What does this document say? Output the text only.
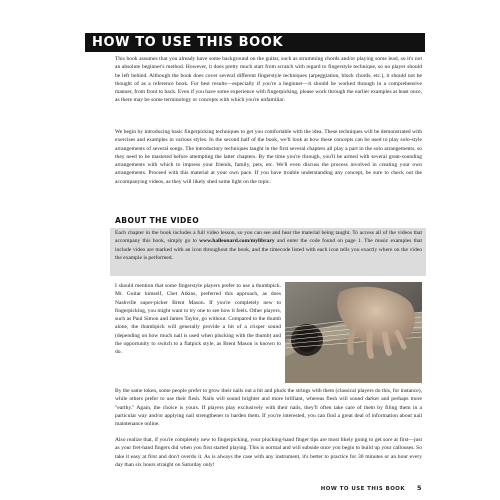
HOW TO USE THIS BOOK

This book assumes that you already have some background on the guitar, such as strumming chords and/or playing some lead, so it's not an absolute beginner's method. However, it does pretty much start from scratch with regard to fingerstyle technique, so no player should be left behind. Although the book does cover several different fingerstyle techniques (arpeggiation, block chords, etc.), it should not be thought of as a reference book. For best results—especially if you're a beginner—it should be worked through in a comprehensive manner, from front to back. Even if you have some experience with fingerpicking, please work through the earlier examples at least once, as there may be some terminology or concepts with which you're unfamiliar.

We begin by introducing basic fingerpicking techniques to get you comfortable with the idea. These techniques will be demonstrated with exercises and examples in various styles. In the second half of the book, we'll look at how these concepts can be used to play solo-style arrangements of several songs. The introductory techniques taught in the first several chapters all play a part in the solo arrangements, so they need to be mastered before attempting the latter chapters. By the time you're through, you'll be armed with several great-sounding arrangements with which to impress your friends, family, pets, etc. We'll even discuss the process involved in creating your own arrangements. Proceed with this material at your own pace. If you have trouble understanding any concept, be sure to check out the accompanying videos, as they will likely shed some light on the topic.

ABOUT THE VIDEO

Each chapter in the book includes a full video lesson, so you can see and hear the material being taught. To access all of the videos that accompany this book, simply go to www.halleonard.com/mylibrary and enter the code found on page 1. The music examples that include video are marked with an icon throughout the book, and the timecode listed with each icon tells you exactly where on the video the example is performed.

I should mention that some fingerstyle players prefer to use a thumbpick. Mr. Guitar himself, Chet Atkins, preferred this approach, as does Nashville super-picker Brent Mason. If you're completely new to fingerpicking, you might want to try one to see how it feels. Other players, such as Paul Simon and James Taylor, go without. Compared to the thumb alone, the thumbpick will generally provide a bit of a crisper sound (depending on how much nail is used when plucking with the thumb) and the opportunity to switch to a flatpick style, as Brent Mason is known to do.

By the same token, some people prefer to grow their nails out a bit and pluck the strings with them (classical players do this, for instance), while others prefer to use their flesh. Nails will sound brighter and more brilliant, whereas flesh will sound darker and perhaps more "earthy." Again, the choice is yours. If players play exclusively with their nails, they'll often take care of them by filing them in a particular way and/or applying nail strengthener to harden them. If you're interested, you can find a great deal of information about nail maintenance online.

Also realize that, if you're completely new to fingerpicking, your plucking-hand finger tips are most likely going to get sore at first—just as your fret-hand fingers did when you first started playing. This is normal and will subside once you begin to build up your callouses. So take it easy at first and don't overdo it. As is always the case with any instrument, it's better to practice for 30 minutes or an hour every day than six hours straight on Saturday only!

HOW TO USE THIS BOOK 5
